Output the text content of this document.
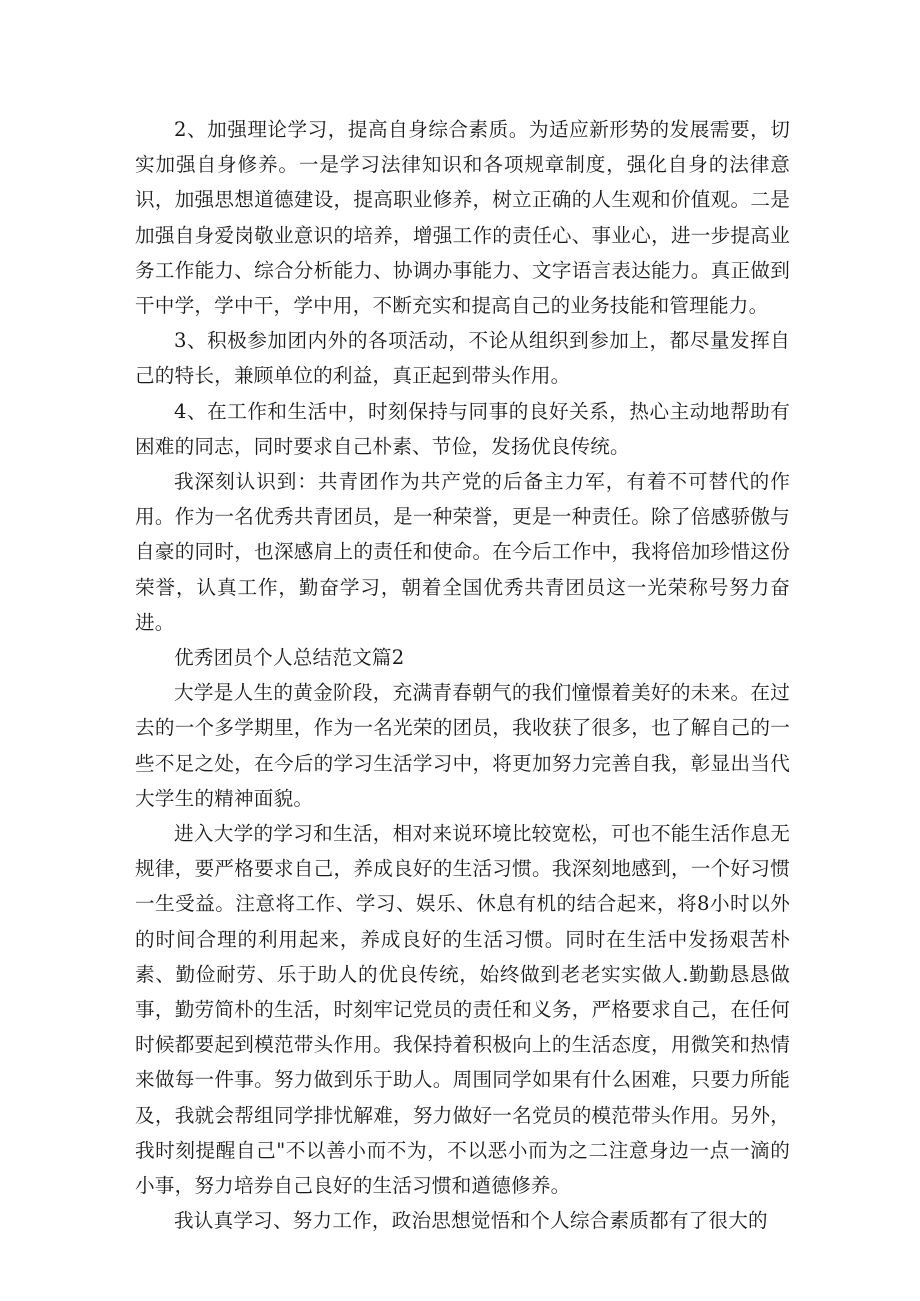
2、加强理论学习，提高自身综合素质。为适应新形势的发展需要，切实加强自身修养。一是学习法律知识和各项规章制度，强化自身的法律意识，加强思想道德建设，提高职业修养，树立正确的人生观和价值观。二是加强自身爱岗敬业意识的培养，增强工作的责任心、事业心，进一步提高业务工作能力、综合分析能力、协调办事能力、文字语言表达能力。真正做到干中学，学中干，学中用，不断充实和提高自己的业务技能和管理能力。

3、积极参加团内外的各项活动，不论从组织到参加上，都尽量发挥自己的特长，兼顾单位的利益，真正起到带头作用。

4、在工作和生活中，时刻保持与同事的良好关系，热心主动地帮助有困难的同志，同时要求自己朴素、节俭，发扬优良传统。

我深刻认识到：共青团作为共产党的后备主力军，有着不可替代的作用。作为一名优秀共青团员，是一种荣誉，更是一种责任。除了倍感骄傲与自豪的同时，也深感肩上的责任和使命。在今后工作中，我将倍加珍惜这份荣誉，认真工作，勤奋学习，朝着全国优秀共青团员这一光荣称号努力奋进。

优秀团员个人总结范文篇2

大学是人生的黄金阶段，充满青春朝气的我们憧憬着美好的未来。在过去的一个多学期里，作为一名光荣的团员，我收获了很多，也了解自己的一些不足之处，在今后的学习生活学习中，将更加努力完善自我，彰显出当代大学生的精神面貌。

进入大学的学习和生活，相对来说环境比较宽松，可也不能生活作息无规律，要严格要求自己，养成良好的生活习惯。我深刻地感到，一个好习惯一生受益。注意将工作、学习、娱乐、休息有机的结合起来，将8小时以外的时间合理的利用起来，养成良好的生活习惯。同时在生活中发扬艰苦朴素、勤俭耐劳、乐于助人的优良传统，始终做到老老实实做人.勤勤恳恳做事，勤劳简朴的生活，时刻牢记党员的责任和义务，严格要求自己，在任何时候都要起到模范带头作用。我保持着积极向上的生活态度，用微笑和热情来做每一件事。努力做到乐于助人。周围同学如果有什么困难，只要力所能及，我就会帮组同学排忧解难，努力做好一名党员的模范带头作用。另外，我时刻提醒自己"不以善小而不为，不以恶小而为之二注意身边一点一滴的小事，努力培券自己良好的生活习惯和遒德修养。

我认真学习、努力工作，政治思想觉悟和个人综合素质都有了很大的
